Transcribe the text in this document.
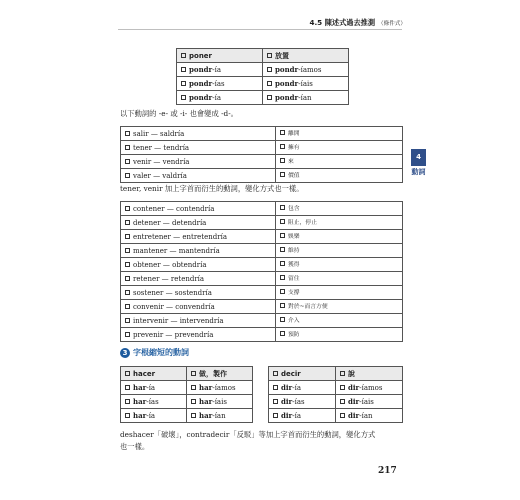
4.5 陳述式過去推測 （條件式）
poner	放置
pondr-ía	pondr-íamos
pondr-ías	pondr-íais
pondr-ía	pondr-ían
以下動詞的 -e- 或 -i- 也會變成 -d-。
salir — saldría	離開
tener — tendría	擁有
venir — vendría	來
valer — valdría	價值
4
動詞
tener, venir 加上字首而衍生的動詞，變化方式也一樣。
contener — contendría	包含
detener — detendría	阻止，停止
entretener — entretendría	娛樂
mantener — mantendría	維持
obtener — obtendría	獲得
retener — retendría	留住
sostener — sostendría	支撐
convenir — convendría	對於~而言方便
intervenir — intervendría	介入
prevenir — prevendría	預防
3 字根縮短的動詞
hacer	做，製作
har-ía	har-íamos
har-ías	har-íais
har-ía	har-ían
decir	說
dir-ía	dir-íamos
dir-ías	dir-íais
dir-ía	dir-ían
deshacer「破壞」，contradecir「反駁」等加上字首而衍生的動詞，變化方式
也一樣。
217
